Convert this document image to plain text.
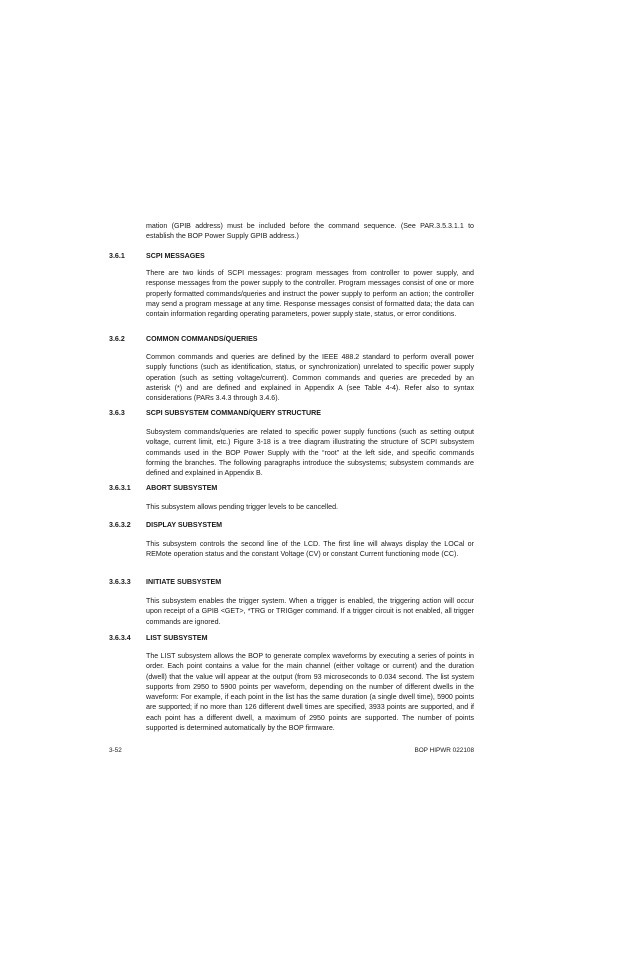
mation (GPIB address) must be included before the command sequence. (See PAR.3.5.3.1.1 to establish the BOP Power Supply GPIB address.)

3.6.1	SCPI MESSAGES

There are two kinds of SCPI messages: program messages from controller to power supply, and response messages from the power supply to the controller. Program messages consist of one or more properly formatted commands/queries and instruct the power supply to perform an action; the controller may send a program message at any time. Response messages consist of formatted data; the data can contain information regarding operating parameters, power supply state, status, or error conditions.

3.6.2	COMMON COMMANDS/QUERIES

Common commands and queries are defined by the IEEE 488.2 standard to perform overall power supply functions (such as identification, status, or synchronization) unrelated to specific power supply operation (such as setting voltage/current). Common commands and queries are preceded by an asterisk (*) and are defined and explained in Appendix A (see Table 4-4). Refer also to syntax considerations (PARs 3.4.3 through 3.4.6).

3.6.3	SCPI SUBSYSTEM COMMAND/QUERY STRUCTURE

Subsystem commands/queries are related to specific power supply functions (such as setting output voltage, current limit, etc.) Figure 3-18 is a tree diagram illustrating the structure of SCPI subsystem commands used in the BOP Power Supply with the “root” at the left side, and specific commands forming the branches. The following paragraphs introduce the subsystems; subsystem commands are defined and explained in Appendix B.

3.6.3.1 ABORT SUBSYSTEM

This subsystem allows pending trigger levels to be cancelled.

3.6.3.2 DISPLAY SUBSYSTEM

This subsystem controls the second line of the LCD. The first line will always display the LOCal or REMote operation status and the constant Voltage (CV) or constant Current functioning mode (CC).

3.6.3.3 INITIATE SUBSYSTEM

This subsystem enables the trigger system. When a trigger is enabled, the triggering action will occur upon receipt of a GPIB <GET>, *TRG or TRIGger command. If a trigger circuit is not enabled, all trigger commands are ignored.

3.6.3.4 LIST SUBSYSTEM

The LIST subsystem allows the BOP to generate complex waveforms by executing a series of points in order. Each point contains a value for the main channel (either voltage or current) and the duration (dwell) that the value will appear at the output (from 93 microseconds to 0.034 second. The list system supports from 2950 to 5900 points per waveform, depending on the number of different dwells in the waveform: For example, if each point in the list has the same duration (a single dwell time), 5900 points are supported; if no more than 126 different dwell times are specified, 3933 points are supported, and if each point has a different dwell, a maximum of 2950 points are supported. The number of points supported is determined automatically by the BOP firmware.

3-52	BOP HIPWR 022108
